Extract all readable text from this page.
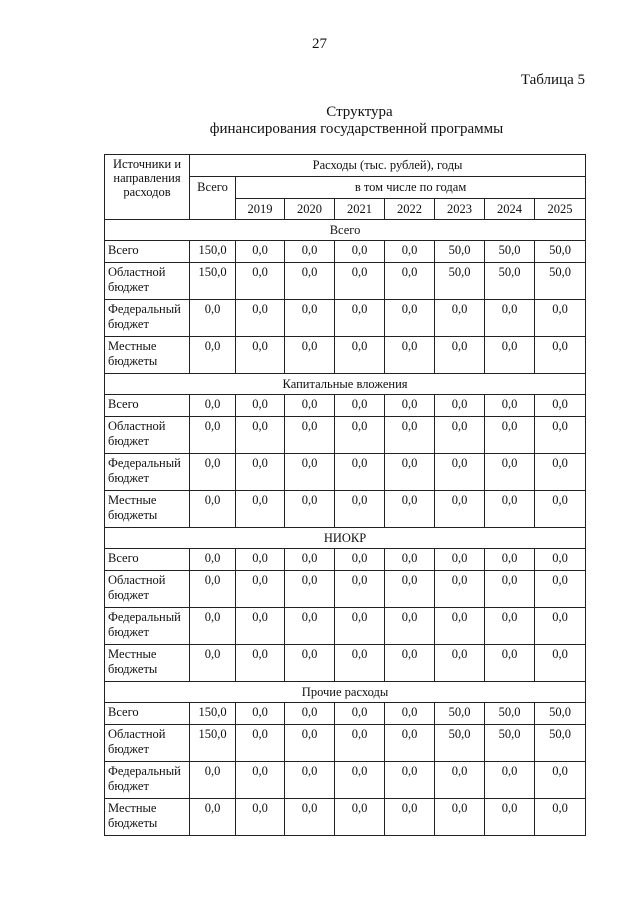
27
Таблица 5
Структура
финансирования государственной программы
Источники и направления расходов	Расходы (тыс. рублей), годы							
	Всего	в том числе по годам						
		2019	2020	2021	2022	2023	2024	2025
Всего								
Всего	150,0	0,0	0,0	0,0	0,0	50,0	50,0	50,0
Областной бюджет	150,0	0,0	0,0	0,0	0,0	50,0	50,0	50,0
Федеральный бюджет	0,0	0,0	0,0	0,0	0,0	0,0	0,0	0,0
Местные бюджеты	0,0	0,0	0,0	0,0	0,0	0,0	0,0	0,0
Капитальные вложения								
Всего	0,0	0,0	0,0	0,0	0,0	0,0	0,0	0,0
Областной бюджет	0,0	0,0	0,0	0,0	0,0	0,0	0,0	0,0
Федеральный бюджет	0,0	0,0	0,0	0,0	0,0	0,0	0,0	0,0
Местные бюджеты	0,0	0,0	0,0	0,0	0,0	0,0	0,0	0,0
НИОКР								
Всего	0,0	0,0	0,0	0,0	0,0	0,0	0,0	0,0
Областной бюджет	0,0	0,0	0,0	0,0	0,0	0,0	0,0	0,0
Федеральный бюджет	0,0	0,0	0,0	0,0	0,0	0,0	0,0	0,0
Местные бюджеты	0,0	0,0	0,0	0,0	0,0	0,0	0,0	0,0
Прочие расходы								
Всего	150,0	0,0	0,0	0,0	0,0	50,0	50,0	50,0
Областной бюджет	150,0	0,0	0,0	0,0	0,0	50,0	50,0	50,0
Федеральный бюджет	0,0	0,0	0,0	0,0	0,0	0,0	0,0	0,0
Местные бюджеты	0,0	0,0	0,0	0,0	0,0	0,0	0,0	0,0
